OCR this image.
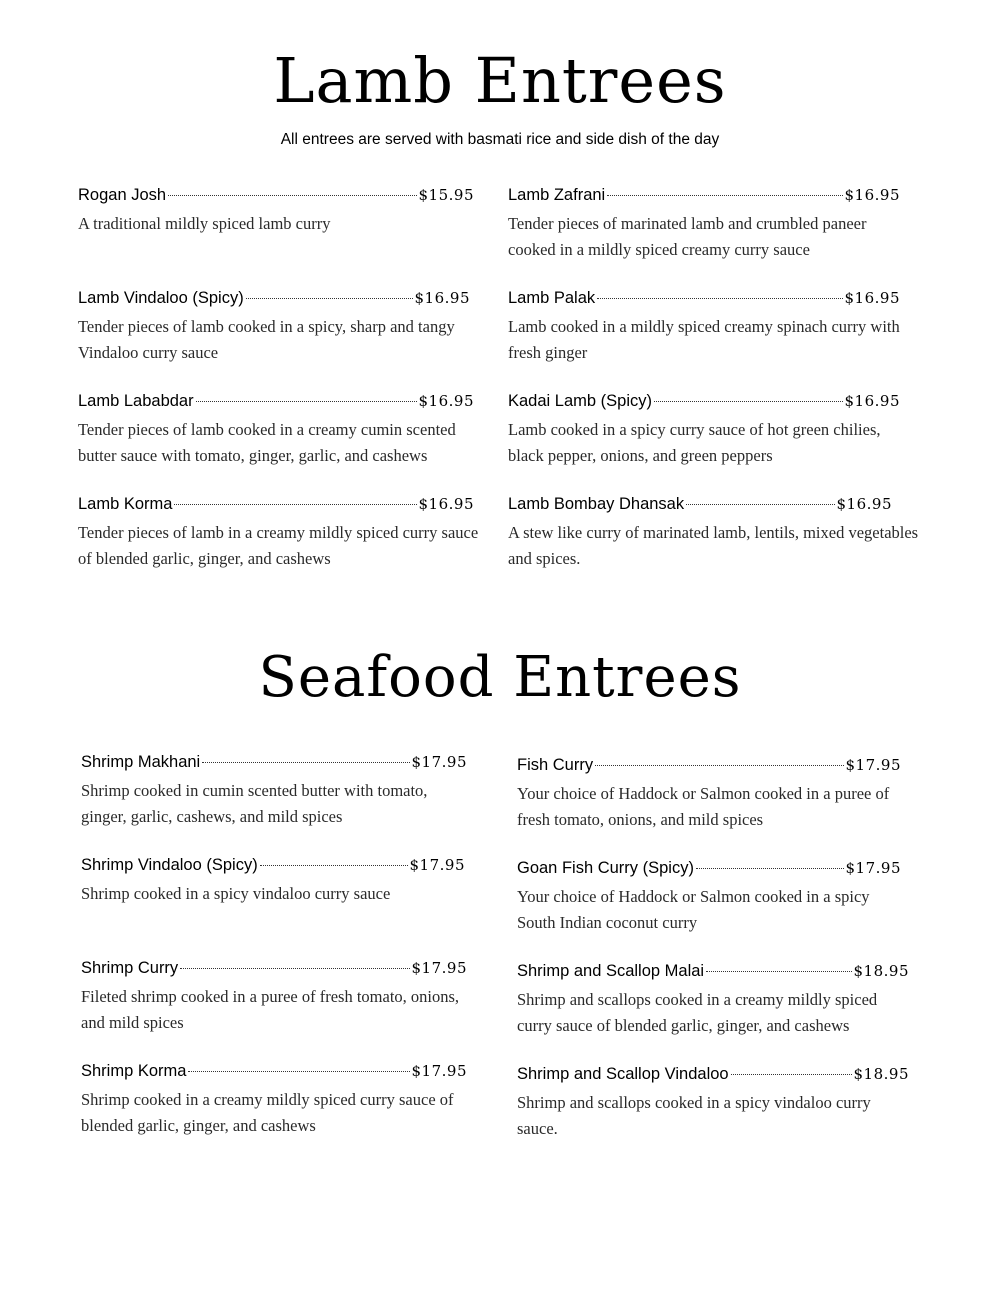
Lamb Entrees

All entrees are served with basmati rice and side dish of the day

Rogan Josh	$15.95
A traditional mildly spiced lamb curry
Lamb Vindaloo (Spicy)	$16.95
Tender pieces of lamb cooked in a spicy, sharp and tangy Vindaloo curry sauce
Lamb Lababdar	$16.95
Tender pieces of lamb cooked in a creamy cumin scented butter sauce with tomato, ginger, garlic, and cashews
Lamb Korma	$16.95
Tender pieces of lamb in a creamy mildly spiced curry sauce of blended garlic, ginger, and cashews
Lamb Zafrani	$16.95
Tender pieces of marinated lamb and crumbled paneer cooked in a mildly spiced creamy curry sauce
Lamb Palak	$16.95
Lamb cooked in a mildly spiced creamy spinach curry with fresh ginger
Kadai Lamb (Spicy)	$16.95
Lamb cooked in a spicy curry sauce of hot green chilies, black pepper, onions, and green peppers
Lamb Bombay Dhansak	$16.95
A stew like curry of marinated lamb, lentils, mixed vegetables and spices.
Seafood Entrees
Shrimp Makhani	$17.95
Shrimp cooked in cumin scented butter with tomato, ginger, garlic, cashews, and mild spices
Shrimp Vindaloo (Spicy)	$17.95
Shrimp cooked in a spicy vindaloo curry sauce
Shrimp Curry	$17.95
Fileted shrimp cooked in a puree of fresh tomato, onions, and mild spices
Shrimp Korma	$17.95
Shrimp cooked in a creamy mildly spiced curry sauce of blended garlic, ginger, and cashews
Fish Curry	$17.95
Your choice of Haddock or Salmon cooked in a puree of fresh tomato, onions, and mild spices
Goan Fish Curry (Spicy)	$17.95
Your choice of Haddock or Salmon cooked in a spicy South Indian coconut curry
Shrimp and Scallop Malai	$18.95
Shrimp and scallops cooked in a creamy mildly spiced curry sauce of blended garlic, ginger, and cashews
Shrimp and Scallop Vindaloo	$18.95
Shrimp and scallops cooked in a spicy vindaloo curry sauce.
